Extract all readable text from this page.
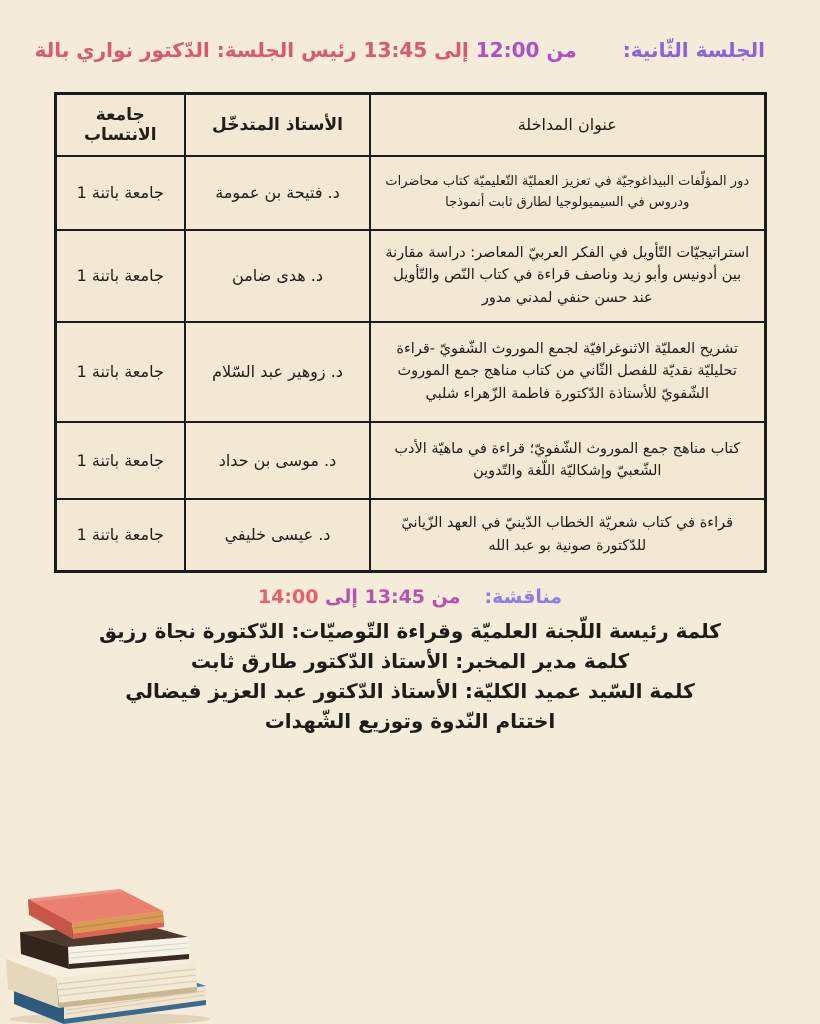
الجلسة الثّانية:
من 12:00 إلى 13:45 رئيس الجلسة: الدّكتور نواري بالة
عنوان المداخلة	الأستاذ المتدخّل	جامعة الانتساب
دور المؤلّفات البيداغوجيّة في تعزيز العمليّة التّعليميّة كتاب محاضرات ودروس في السيميولوجيا لطارق ثابت أنموذجا	د. فتيحة بن عمومة	جامعة باتنة 1
استراتيجيّات التّأويل في الفكر العربيّ المعاصر: دراسة مقارنة بين أدونيس وأبو زيد وناصف قراءة في كتاب النّص والتّأويل عند حسن حنفي لمدني مدور	د. هدى ضامن	جامعة باتنة 1
تشريح العمليّة الاثنوغرافيّة لجمع الموروث الشّفويّ -قراءة تحليليّة نقديّة للفصل الثّاني من كتاب مناهج جمع الموروث الشّفويّ للأستاذة الدّكتورة فاطمة الزّهراء شلبي	د. زوهير عبد السّلام	جامعة باتنة 1
كتاب مناهج جمع الموروث الشّفويّ؛ قراءة في ماهيّة الأدب الشّعبيّ وإشكاليّة اللّغة والتّدوين	د. موسى بن حداد	جامعة باتنة 1
قراءة في كتاب شعريّة الخطاب الدّينيّ في العهد الزّيانيّ للدّكتورة صونية بو عبد الله	د. عيسى خليفي	جامعة باتنة 1
مناقشة:
من 13:45 إلى 14:00
كلمة رئيسة اللّجنة العلميّة وقراءة التّوصيّات: الدّكتورة نجاة رزيق
كلمة مدير المخبر: الأستاذ الدّكتور طارق ثابت
كلمة السّيد عميد الكليّة: الأستاذ الدّكتور عبد العزيز فيضالي
اختتام النّدوة وتوزيع الشّهدات
